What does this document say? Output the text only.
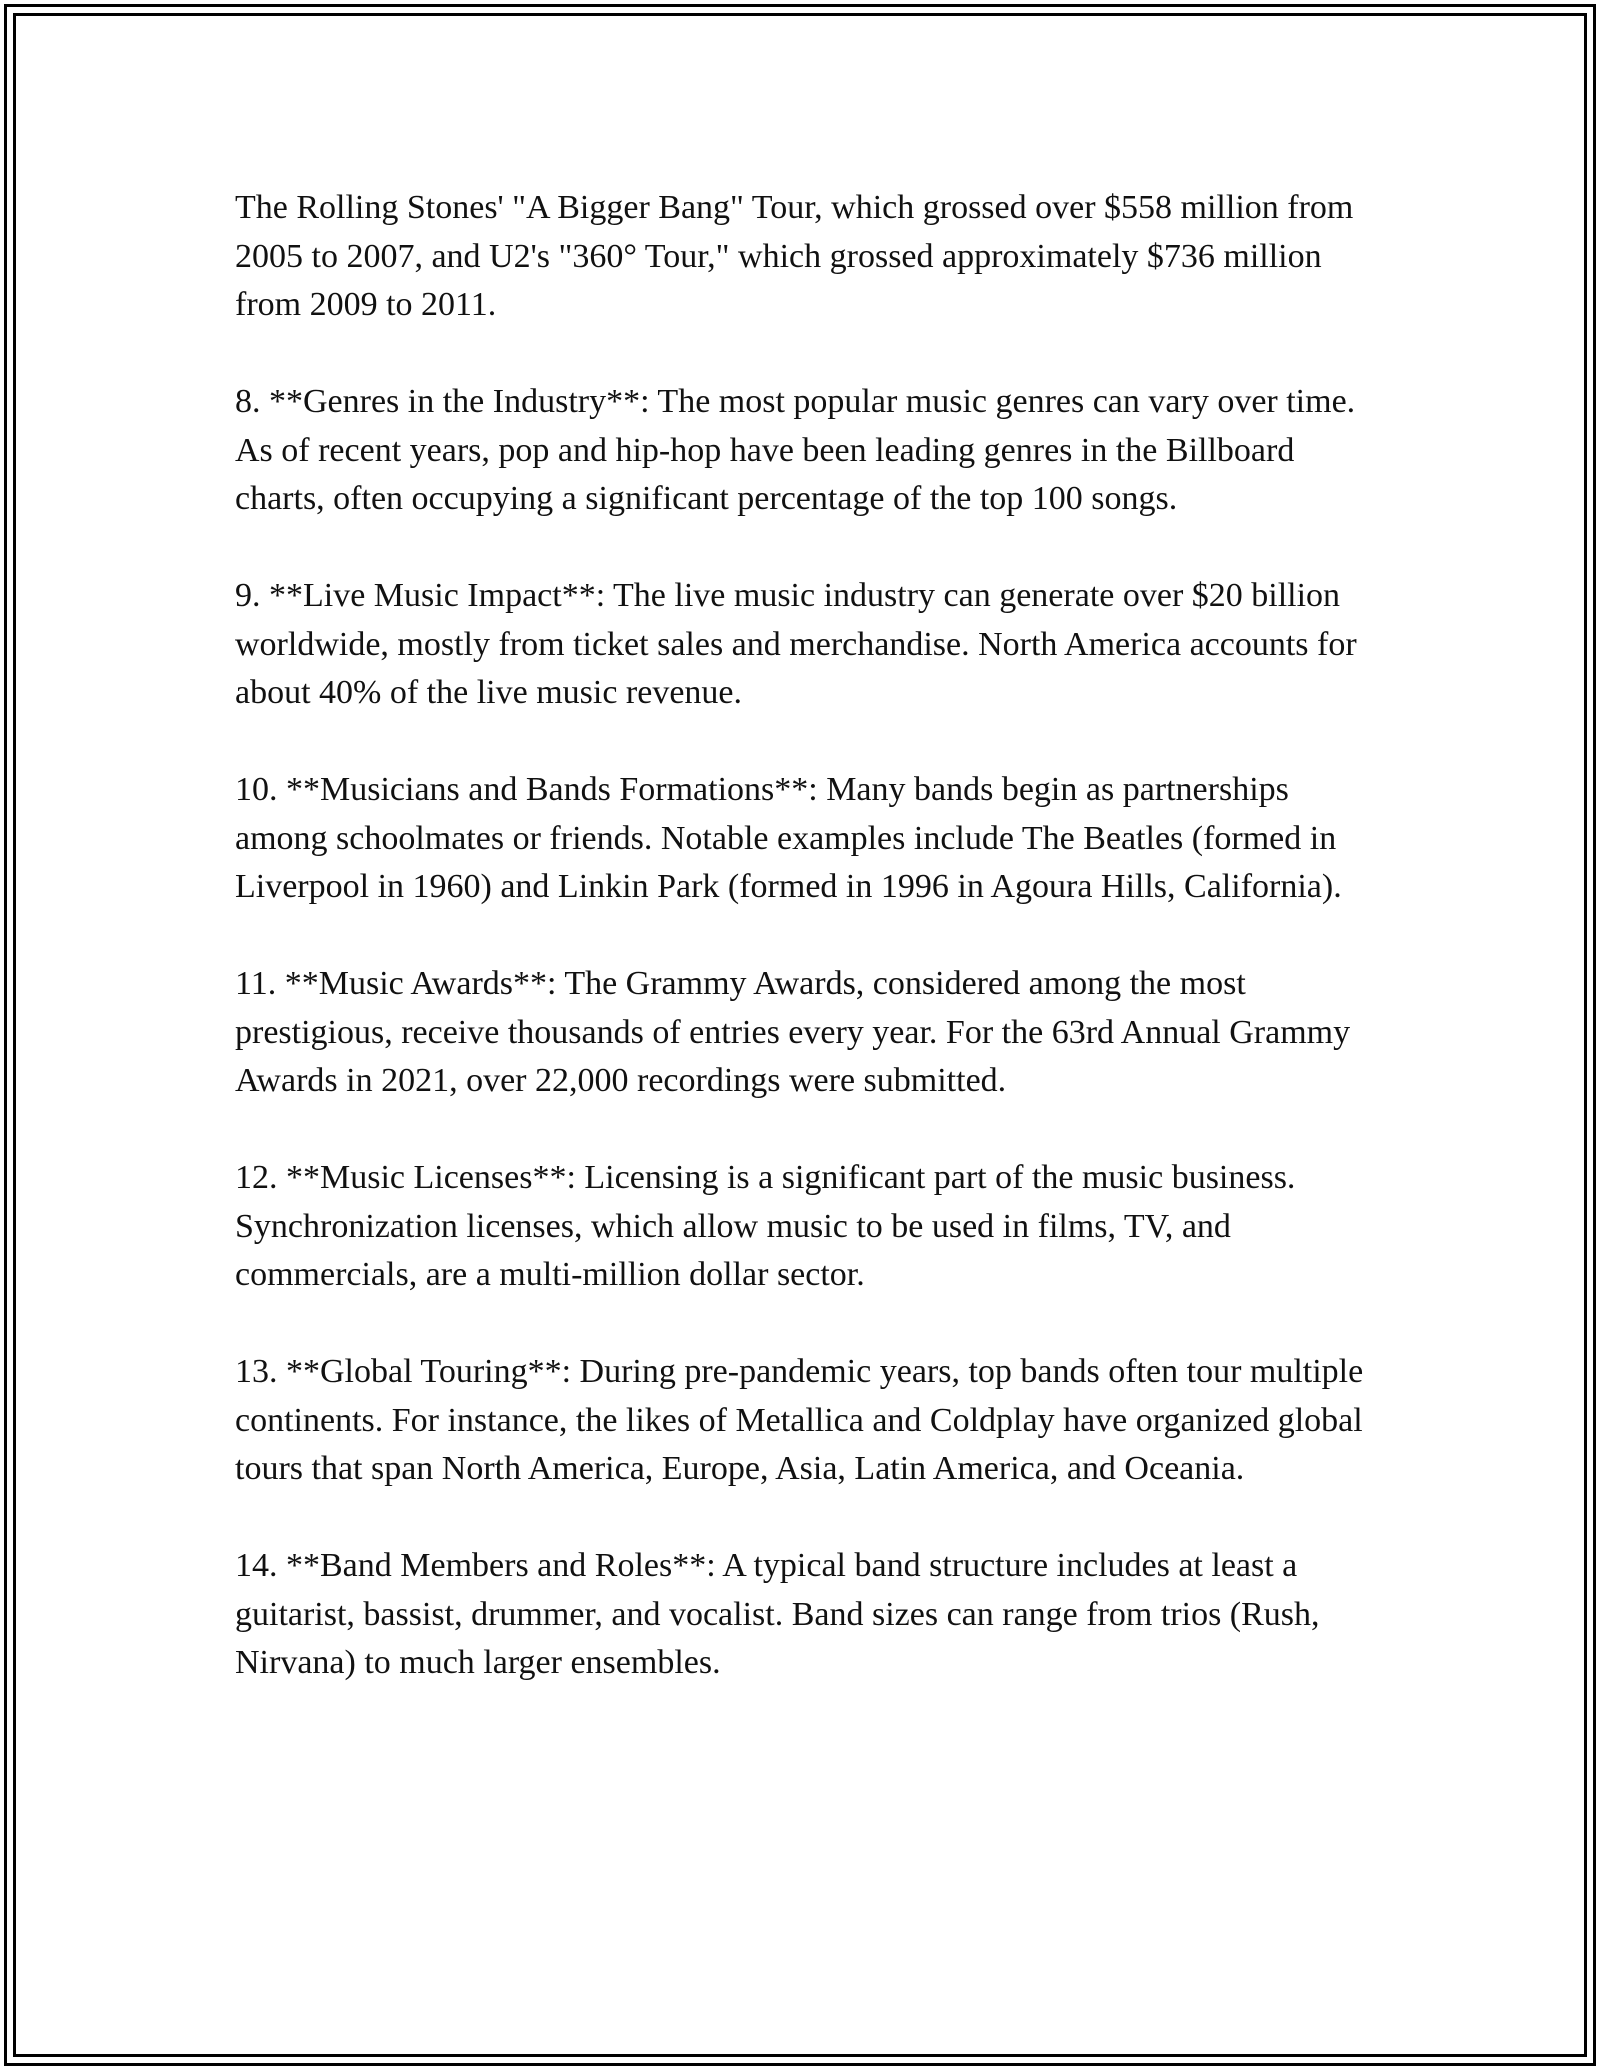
The Rolling Stones' "A Bigger Bang" Tour, which grossed over $558 million from 2005 to 2007, and U2's "360° Tour," which grossed approximately $736 million from 2009 to 2011.

8. **Genres in the Industry**: The most popular music genres can vary over time. As of recent years, pop and hip-hop have been leading genres in the Billboard charts, often occupying a significant percentage of the top 100 songs.

9. **Live Music Impact**: The live music industry can generate over $20 billion worldwide, mostly from ticket sales and merchandise. North America accounts for about 40% of the live music revenue.

10. **Musicians and Bands Formations**: Many bands begin as partnerships among schoolmates or friends. Notable examples include The Beatles (formed in Liverpool in 1960) and Linkin Park (formed in 1996 in Agoura Hills, California).

11. **Music Awards**: The Grammy Awards, considered among the most prestigious, receive thousands of entries every year. For the 63rd Annual Grammy Awards in 2021, over 22,000 recordings were submitted.

12. **Music Licenses**: Licensing is a significant part of the music business. Synchronization licenses, which allow music to be used in films, TV, and commercials, are a multi-million dollar sector.

13. **Global Touring**: During pre-pandemic years, top bands often tour multiple continents. For instance, the likes of Metallica and Coldplay have organized global tours that span North America, Europe, Asia, Latin America, and Oceania.

14. **Band Members and Roles**: A typical band structure includes at least a guitarist, bassist, drummer, and vocalist. Band sizes can range from trios (Rush, Nirvana) to much larger ensembles.
